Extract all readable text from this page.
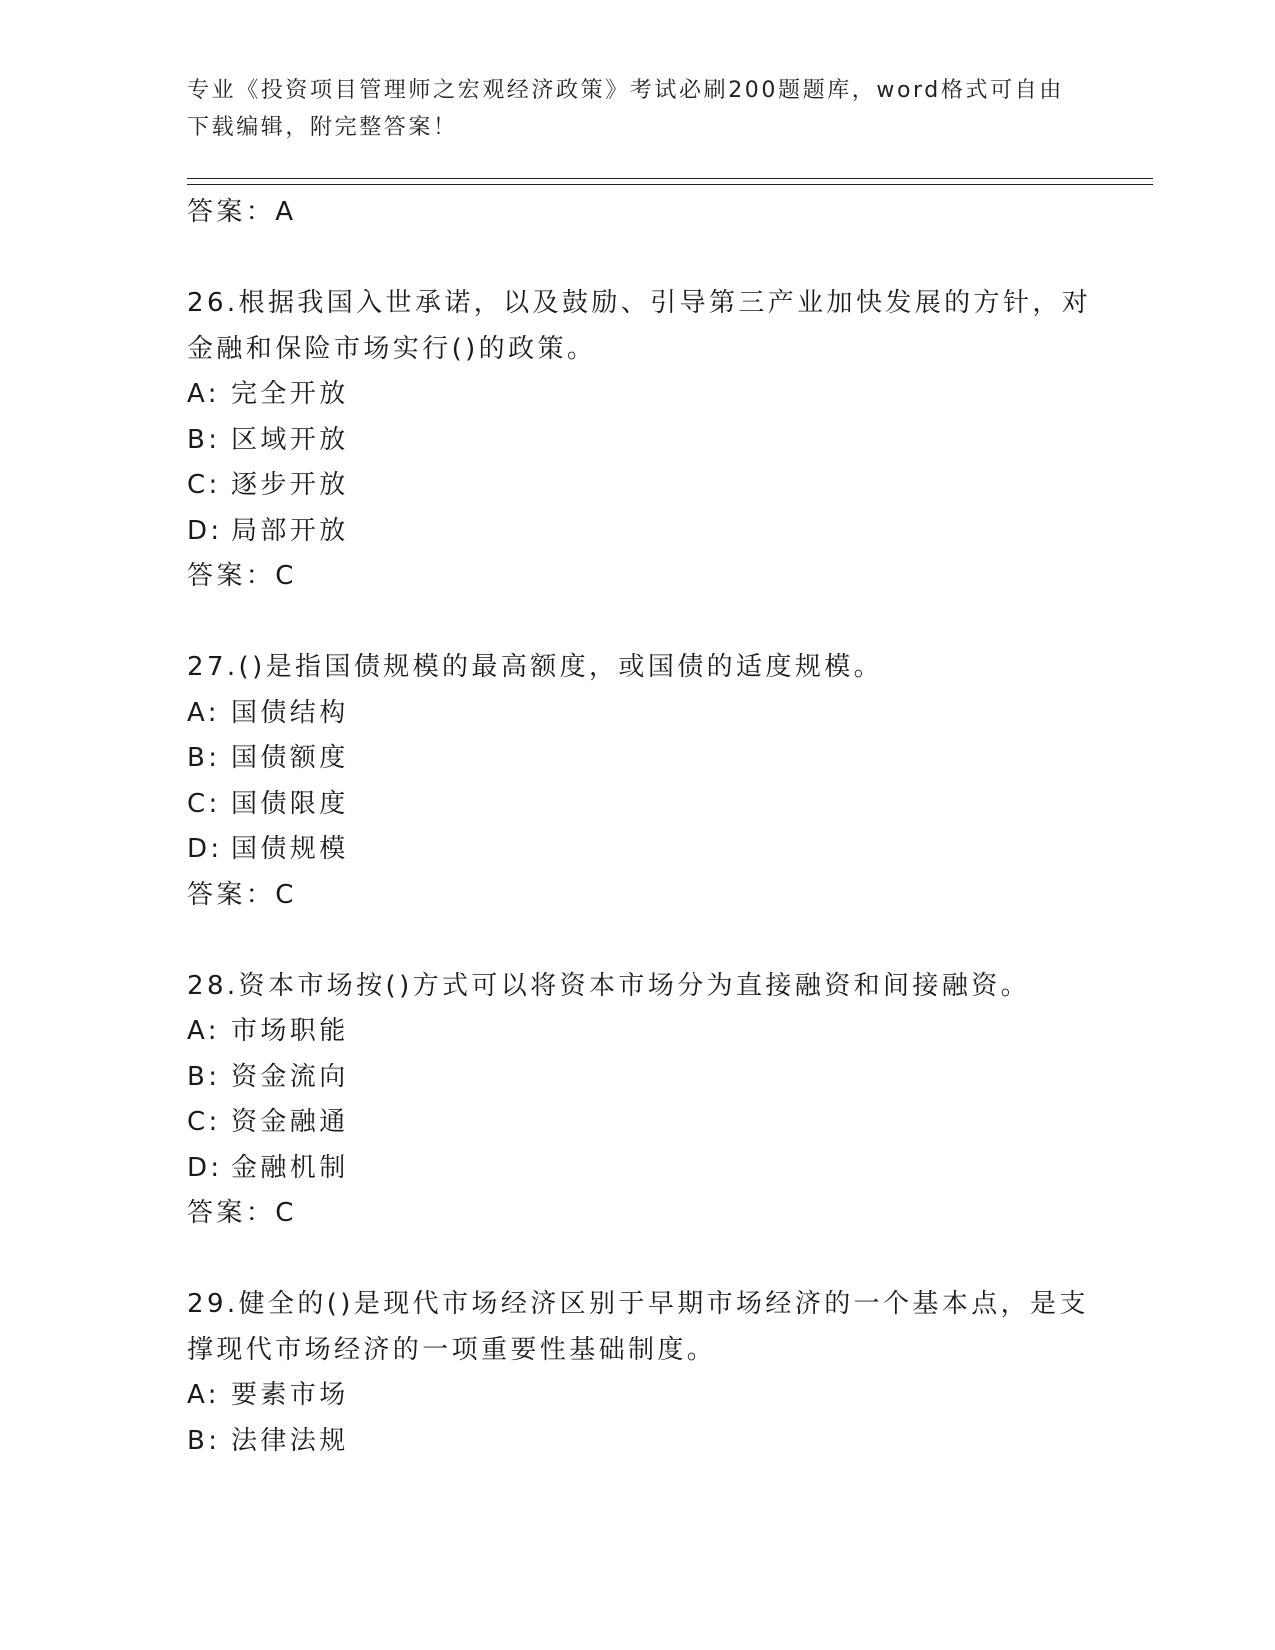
专业《投资项目管理师之宏观经济政策》考试必刷200题题库，word格式可自由
下载编辑，附完整答案！
答案：A
26.根据我国入世承诺，以及鼓励、引导第三产业加快发展的方针，对
金融和保险市场实行()的政策。
A: 完全开放
B: 区域开放
C: 逐步开放
D: 局部开放
答案：C
27.()是指国债规模的最高额度，或国债的适度规模。
A: 国债结构
B: 国债额度
C: 国债限度
D: 国债规模
答案：C
28.资本市场按()方式可以将资本市场分为直接融资和间接融资。
A: 市场职能
B: 资金流向
C: 资金融通
D: 金融机制
答案：C
29.健全的()是现代市场经济区别于早期市场经济的一个基本点，是支
撑现代市场经济的一项重要性基础制度。
A: 要素市场
B: 法律法规
